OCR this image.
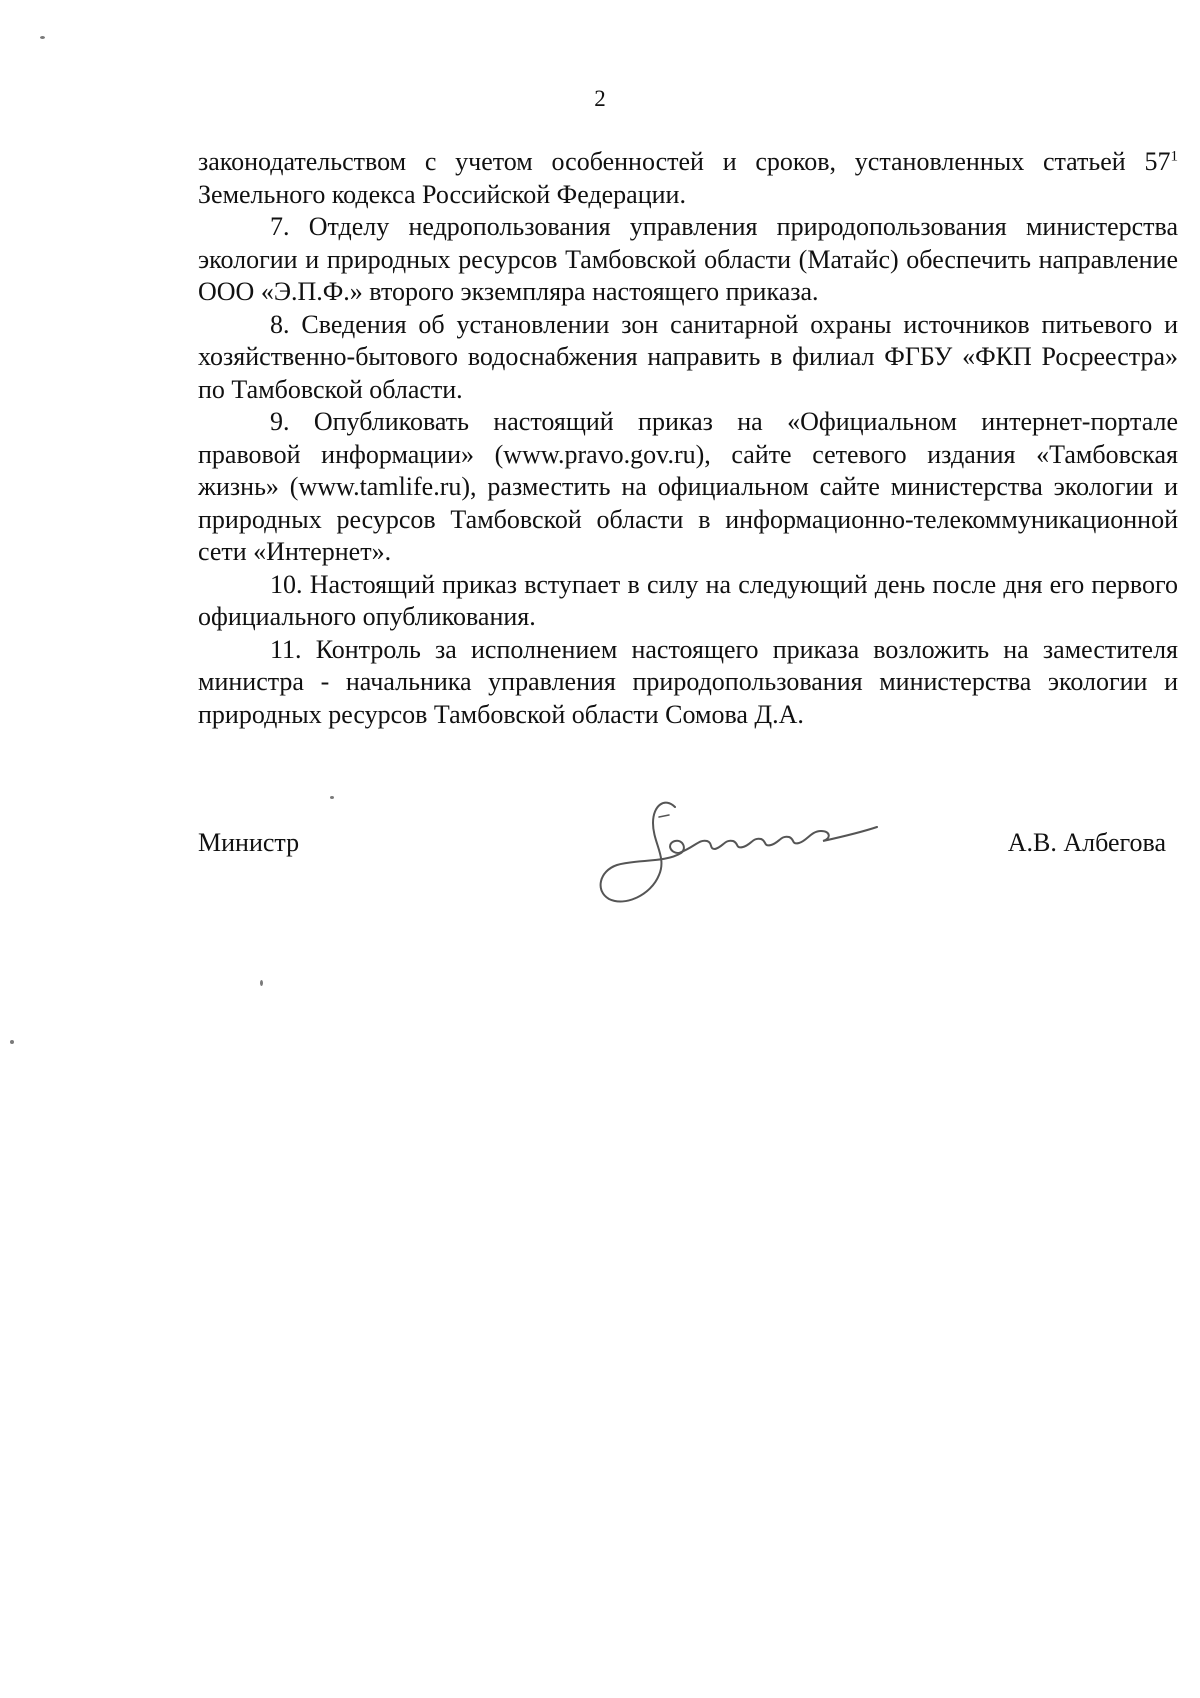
2

законодательством с учетом особенностей и сроков, установленных статьей $57^1$ Земельного кодекса Российской Федерации.

7. Отделу недропользования управления природопользования министерства экологии и природных ресурсов Тамбовской области (Матайс) обеспечить направление ООО «Э.П.Ф.» второго экземпляра настоящего приказа.

8. Сведения об установлении зон санитарной охраны источников питьевого и хозяйственно-бытового водоснабжения направить в филиал ФГБУ «ФКП Росреестра» по Тамбовской области.

9. Опубликовать настоящий приказ на «Официальном интернет-портале правовой информации» (www.pravo.gov.ru), сайте сетевого издания «Тамбовская жизнь» (www.tamlife.ru), разместить на официальном сайте министерства экологии и природных ресурсов Тамбовской области в информационно-телекоммуникационной сети «Интернет».

10. Настоящий приказ вступает в силу на следующий день после дня его первого официального опубликования.

11. Контроль за исполнением настоящего приказа возложить на заместителя министра - начальника управления природопользования министерства экологии и природных ресурсов Тамбовской области Сомова Д.А.

Министр	А.В. Албегова
